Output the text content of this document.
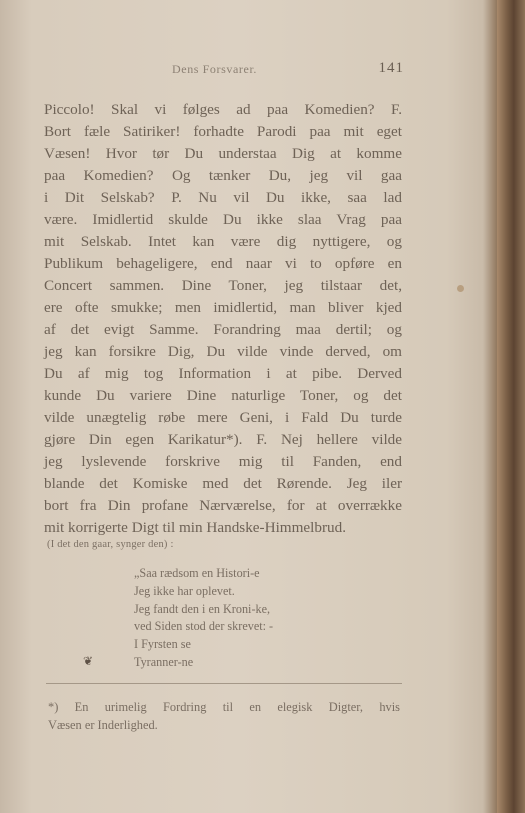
Dens Forsvarer.	141
Piccolo! Skal vi følges ad paa Komedien? F.
Bort fæle Satiriker! forhadte Parodi paa mit eget
Væsen! Hvor tør Du understaa Dig at komme
paa Komedien? Og tænker Du, jeg vil gaa
i Dit Selskab? P. Nu vil Du ikke, saa lad
være. Imidlertid skulde Du ikke slaa Vrag paa
mit Selskab. Intet kan være dig nyttigere, og
Publikum behageligere, end naar vi to opføre en
Concert sammen. Dine Toner, jeg tilstaar det,
ere ofte smukke; men imidlertid, man bliver kjed
af det evigt Samme. Forandring maa dertil; og
jeg kan forsikre Dig, Du vilde vinde derved, om
Du af mig tog Information i at pibe. Derved
kunde Du variere Dine naturlige Toner, og det
vilde unægtelig røbe mere Geni, i Fald Du turde
gjøre Din egen Karikatur*). F. Nej hellere vilde
jeg lyslevende forskrive mig til Fanden, end
blande det Komiske med det Rørende. Jeg iler
bort fra Din profane Nærværelse, for at overrække
mit korrigerte Digt til min Handske-Himmelbrud.
(I det den gaar, synger den) :
„Saa rædsom en Histori-e
Jeg ikke har oplevet.
Jeg fandt den i en Kroni-ke,
ved Siden stod der skrevet: -
I Fyrsten se
Tyranner-ne
❦
*) En urimelig Fordring til en elegisk Digter, hvis
Væsen er Inderlighed.
